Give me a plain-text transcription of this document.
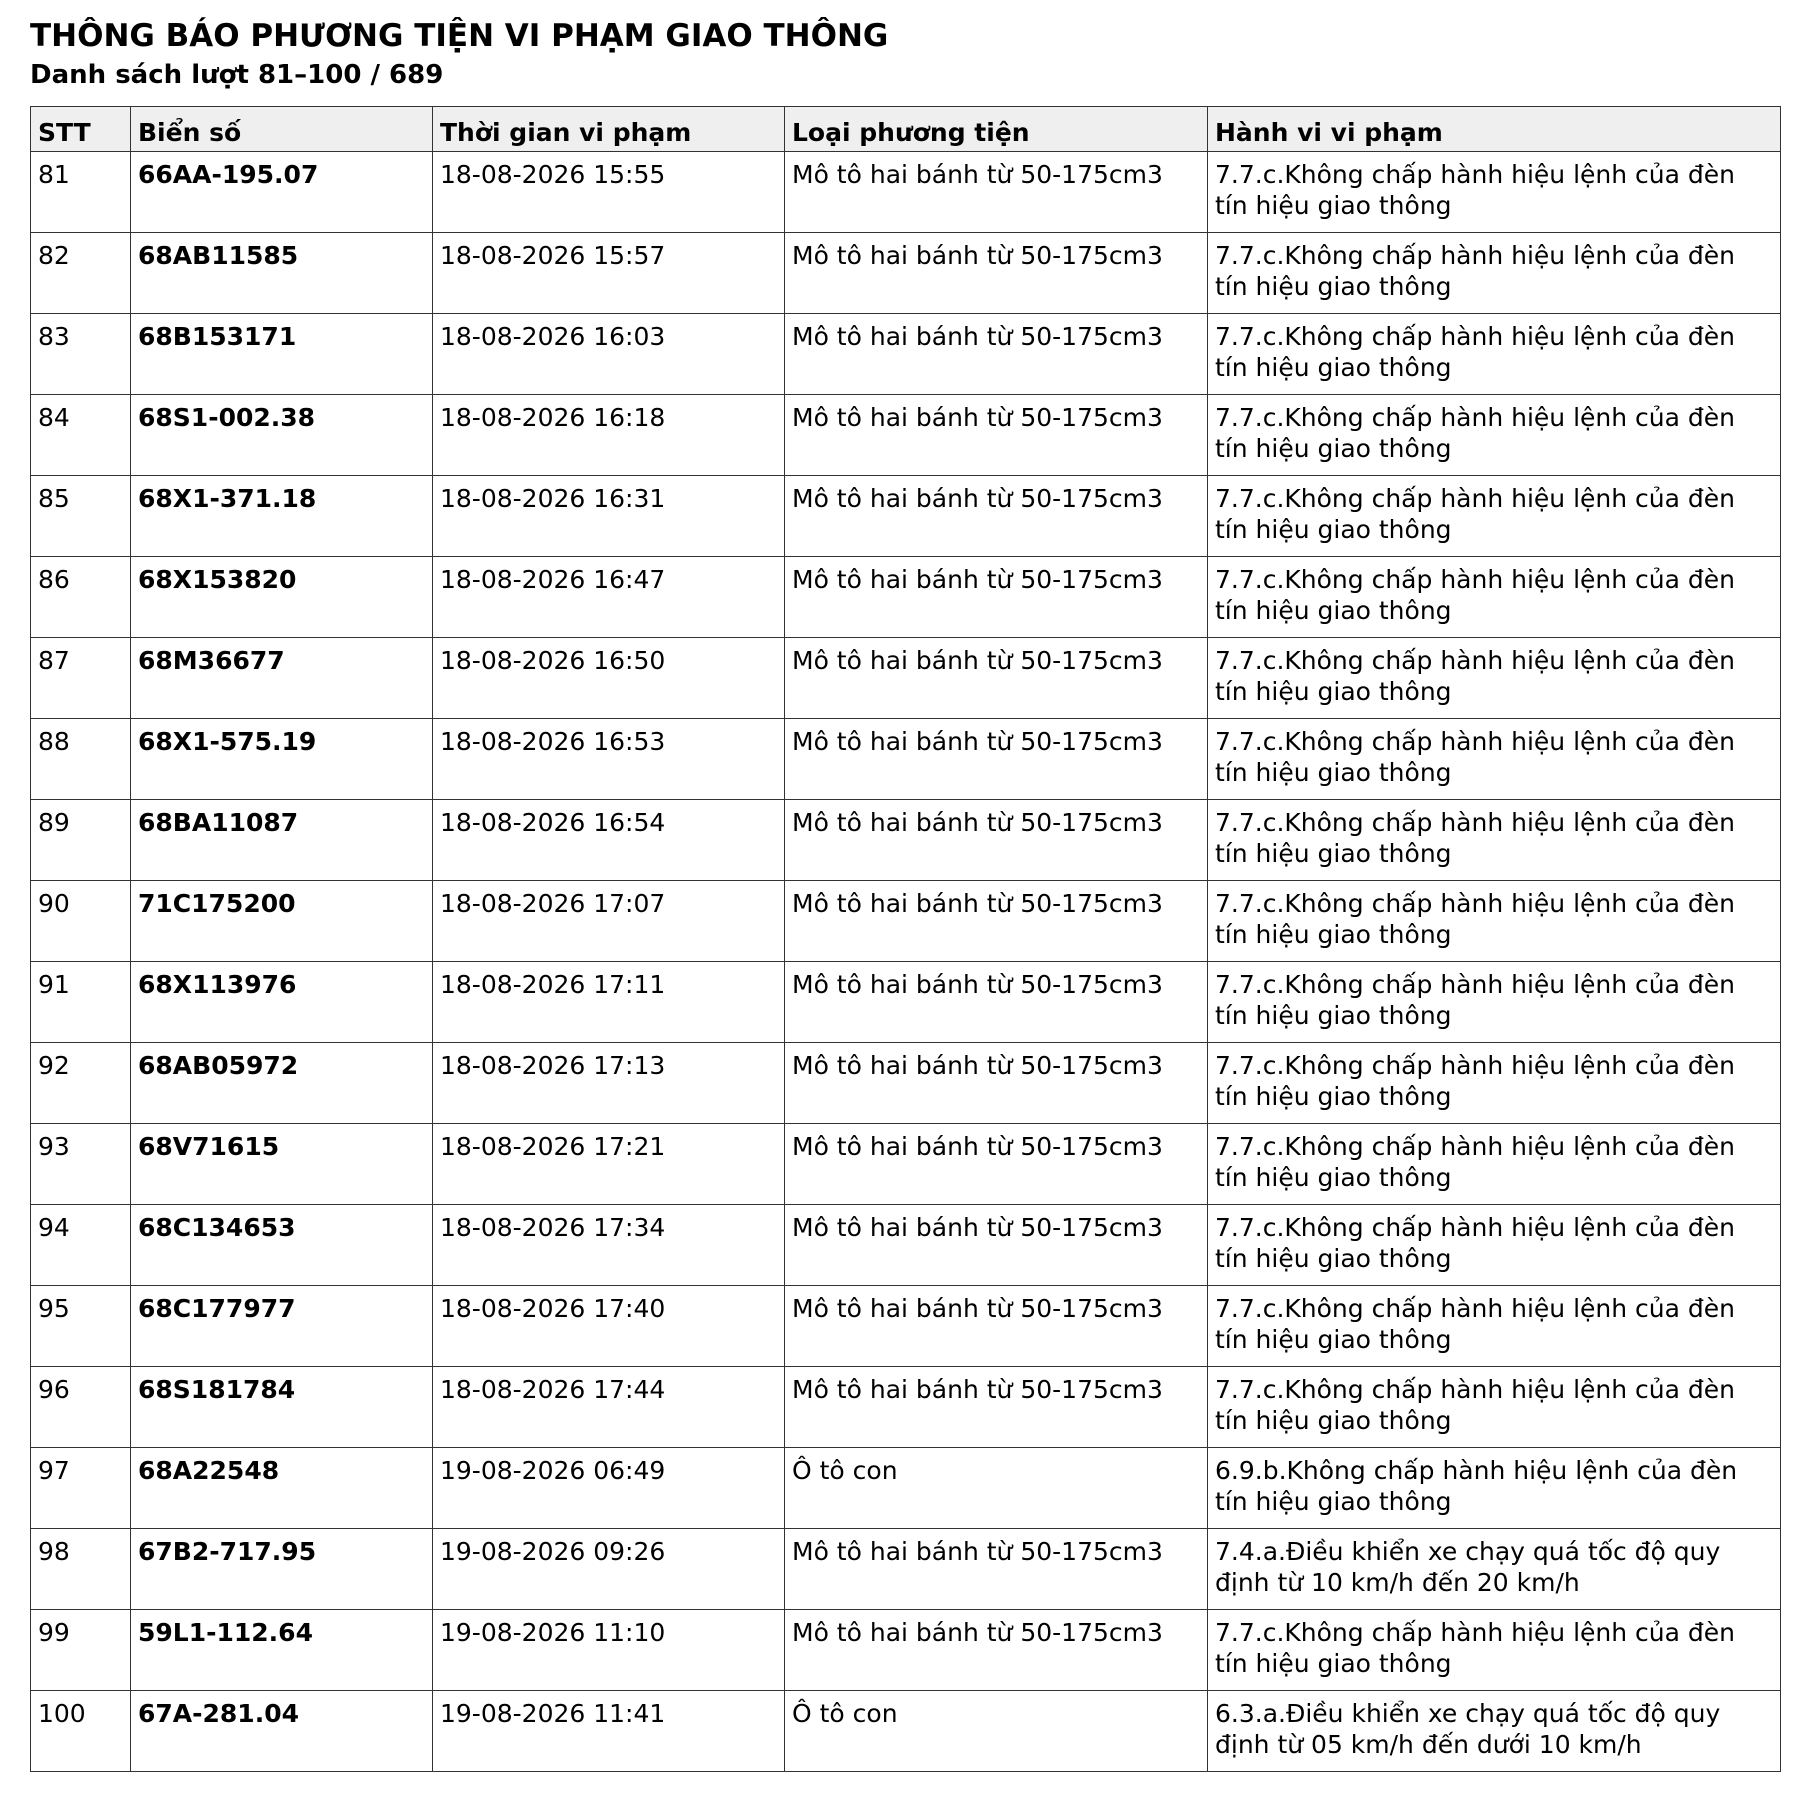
THÔNG BÁO PHƯƠNG TIỆN VI PHẠM GIAO THÔNG
Danh sách lượt 81–100 / 689
STT	Biển số	Thời gian vi phạm	Loại phương tiện	Hành vi vi phạm
81	66AA-195.07	18-08-2026 15:55	Mô tô hai bánh từ 50-175cm3	7.7.c.Không chấp hành hiệu lệnh của đèn tín hiệu giao thông
82	68AB11585	18-08-2026 15:57	Mô tô hai bánh từ 50-175cm3	7.7.c.Không chấp hành hiệu lệnh của đèn tín hiệu giao thông
83	68B153171	18-08-2026 16:03	Mô tô hai bánh từ 50-175cm3	7.7.c.Không chấp hành hiệu lệnh của đèn tín hiệu giao thông
84	68S1-002.38	18-08-2026 16:18	Mô tô hai bánh từ 50-175cm3	7.7.c.Không chấp hành hiệu lệnh của đèn tín hiệu giao thông
85	68X1-371.18	18-08-2026 16:31	Mô tô hai bánh từ 50-175cm3	7.7.c.Không chấp hành hiệu lệnh của đèn tín hiệu giao thông
86	68X153820	18-08-2026 16:47	Mô tô hai bánh từ 50-175cm3	7.7.c.Không chấp hành hiệu lệnh của đèn tín hiệu giao thông
87	68M36677	18-08-2026 16:50	Mô tô hai bánh từ 50-175cm3	7.7.c.Không chấp hành hiệu lệnh của đèn tín hiệu giao thông
88	68X1-575.19	18-08-2026 16:53	Mô tô hai bánh từ 50-175cm3	7.7.c.Không chấp hành hiệu lệnh của đèn tín hiệu giao thông
89	68BA11087	18-08-2026 16:54	Mô tô hai bánh từ 50-175cm3	7.7.c.Không chấp hành hiệu lệnh của đèn tín hiệu giao thông
90	71C175200	18-08-2026 17:07	Mô tô hai bánh từ 50-175cm3	7.7.c.Không chấp hành hiệu lệnh của đèn tín hiệu giao thông
91	68X113976	18-08-2026 17:11	Mô tô hai bánh từ 50-175cm3	7.7.c.Không chấp hành hiệu lệnh của đèn tín hiệu giao thông
92	68AB05972	18-08-2026 17:13	Mô tô hai bánh từ 50-175cm3	7.7.c.Không chấp hành hiệu lệnh của đèn tín hiệu giao thông
93	68V71615	18-08-2026 17:21	Mô tô hai bánh từ 50-175cm3	7.7.c.Không chấp hành hiệu lệnh của đèn tín hiệu giao thông
94	68C134653	18-08-2026 17:34	Mô tô hai bánh từ 50-175cm3	7.7.c.Không chấp hành hiệu lệnh của đèn tín hiệu giao thông
95	68C177977	18-08-2026 17:40	Mô tô hai bánh từ 50-175cm3	7.7.c.Không chấp hành hiệu lệnh của đèn tín hiệu giao thông
96	68S181784	18-08-2026 17:44	Mô tô hai bánh từ 50-175cm3	7.7.c.Không chấp hành hiệu lệnh của đèn tín hiệu giao thông
97	68A22548	19-08-2026 06:49	Ô tô con	6.9.b.Không chấp hành hiệu lệnh của đèn tín hiệu giao thông
98	67B2-717.95	19-08-2026 09:26	Mô tô hai bánh từ 50-175cm3	7.4.a.Điều khiển xe chạy quá tốc độ quy định từ 10 km/h đến 20 km/h
99	59L1-112.64	19-08-2026 11:10	Mô tô hai bánh từ 50-175cm3	7.7.c.Không chấp hành hiệu lệnh của đèn tín hiệu giao thông
100	67A-281.04	19-08-2026 11:41	Ô tô con	6.3.a.Điều khiển xe chạy quá tốc độ quy định từ 05 km/h đến dưới 10 km/h
